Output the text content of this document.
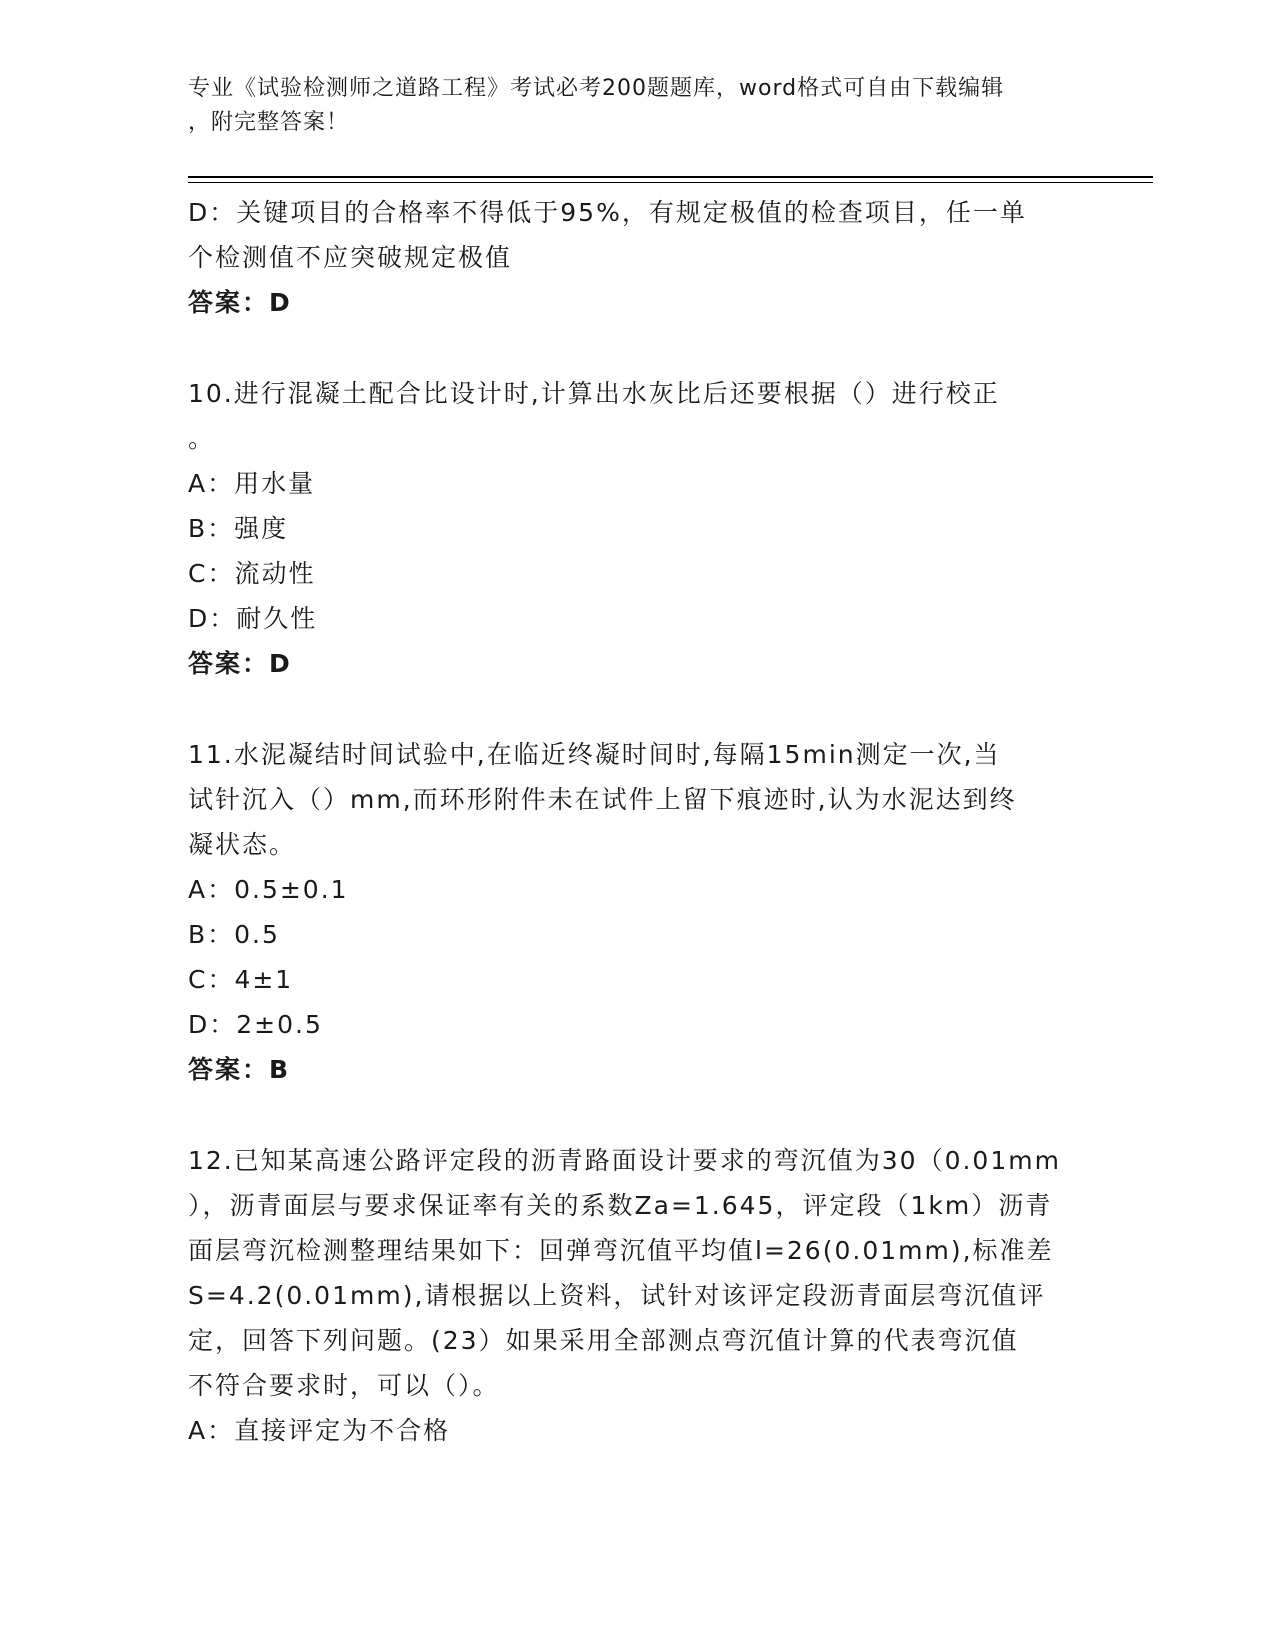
专业《试验检测师之道路工程》考试必考200题题库，word格式可自由下载编辑
，附完整答案！
D：关键项目的合格率不得低于95%，有规定极值的检查项目，任一单
个检测值不应突破规定极值
答案：D
10.进行混凝土配合比设计时,计算出水灰比后还要根据（）进行校正
。
A：用水量
B：强度
C：流动性
D：耐久性
答案：D
11.水泥凝结时间试验中,在临近终凝时间时,每隔15min测定一次,当
试针沉入（）mm,而环形附件未在试件上留下痕迹时,认为水泥达到终
凝状态。
A：0.5±0.1
B：0.5
C：4±1
D：2±0.5
答案：B
12.已知某高速公路评定段的沥青路面设计要求的弯沉值为30（0.01mm
），沥青面层与要求保证率有关的系数Za=1.645，评定段（1km）沥青
面层弯沉检测整理结果如下：回弹弯沉值平均值l=26(0.01mm),标准差
S=4.2(0.01mm),请根据以上资料，试针对该评定段沥青面层弯沉值评
定，回答下列问题。(23）如果采用全部测点弯沉值计算的代表弯沉值
不符合要求时，可以（）。
A：直接评定为不合格
